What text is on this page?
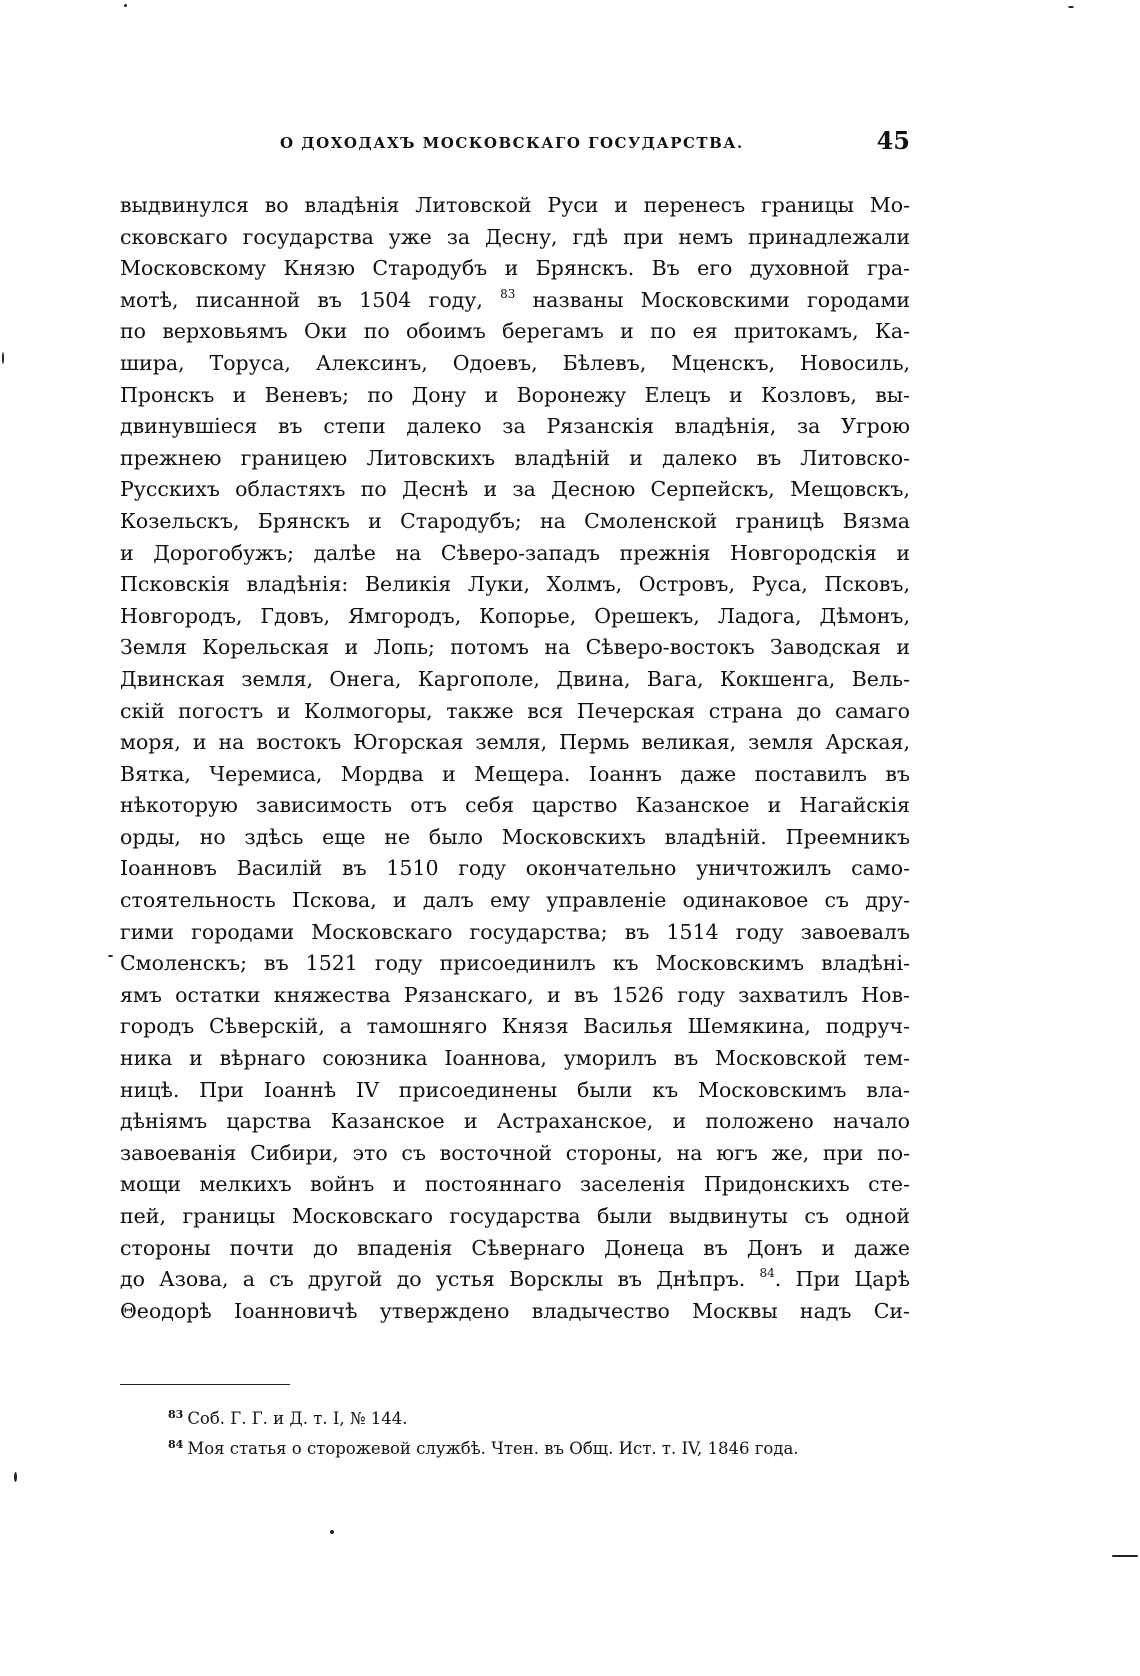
О ДОХОДАХЪ МОСКОВСКАГО ГОСУДАРСТВА.	45
выдвинулся во владѣнія Литовской Руси и перенесъ границы Мо-
сковскаго государства уже за Десну, гдѣ при немъ принадлежали
Московскому Князю Стародубъ и Брянскъ. Въ его духовной гра-
мотѣ, писанной въ 1504 году, $^{83}$ названы Московскими городами
по верховьямъ Оки по обоимъ берегамъ и по ея притокамъ, Ка-
шира, Торуса, Алексинъ, Одоевъ, Бѣлевъ, Мценскъ, Новосиль,
Пронскъ и Веневъ; по Дону и Воронежу Елецъ и Козловъ, вы-
двинувшіеся въ степи далеко за Рязанскія владѣнія, за Угрою
прежнею границею Литовскихъ владѣній и далеко въ Литовско-
Русскихъ областяхъ по Деснѣ и за Десною Серпейскъ, Мещовскъ,
Козельскъ, Брянскъ и Стародубъ; на Смоленской границѣ Вязма
и Дорогобужъ; далѣе на Сѣверо-западъ прежнія Новгородскія и
Псковскія владѣнія: Великія Луки, Холмъ, Островъ, Руса, Псковъ,
Новгородъ, Гдовъ, Ямгородъ, Копорье, Орешекъ, Ладога, Дѣмонъ,
Земля Корельская и Лопь; потомъ на Сѣверо-востокъ Заводская и
Двинская земля, Онега, Каргополе, Двина, Вага, Кокшенга, Вель-
скій погостъ и Колмогоры, также вся Печерская страна до самаго
моря, и на востокъ Югорская земля, Пермь великая, земля Арская,
Вятка, Черемиса, Мордва и Мещера. Іоаннъ даже поставилъ въ
нѣкоторую зависимость отъ себя царство Казанское и Нагайскія
орды, но здѣсь еще не было Московскихъ владѣній. Преемникъ
Іоанновъ Василій въ 1510 году окончательно уничтожилъ само-
стоятельность Пскова, и далъ ему управленіе одинаковое съ дру-
гими городами Московскаго государства; въ 1514 году завоевалъ
Смоленскъ; въ 1521 году присоединилъ къ Московскимъ владѣні-
ямъ остатки княжества Рязанскаго, и въ 1526 году захватилъ Нов-
городъ Сѣверскій, а тамошняго Князя Василья Шемякина, подруч-
ника и вѣрнаго союзника Іоаннова, уморилъ въ Московской тем-
ницѣ. При Іоаннѣ IV присоединены были къ Московскимъ вла-
дѣніямъ царства Казанское и Астраханское, и положено начало
завоеванія Сибири, это съ восточной стороны, на югъ же, при по-
мощи мелкихъ войнъ и постояннаго заселенія Придонскихъ сте-
пей, границы Московскаго государства были выдвинуты съ одной
стороны почти до впаденія Сѣвернаго Донеца въ Донъ и даже
до Азова, а съ другой до устья Ворсклы въ Днѣпръ. $^{84}$. При Царѣ
Θеодорѣ Іоанновичѣ утверждено владычество Москвы надъ Си-
$^{83}$ Соб. Г. Г. и Д. т. I, № 144.
$^{84}$ Моя статья о сторожевой службѣ. Чтен. въ Общ. Ист. т. IV, 1846 года.
